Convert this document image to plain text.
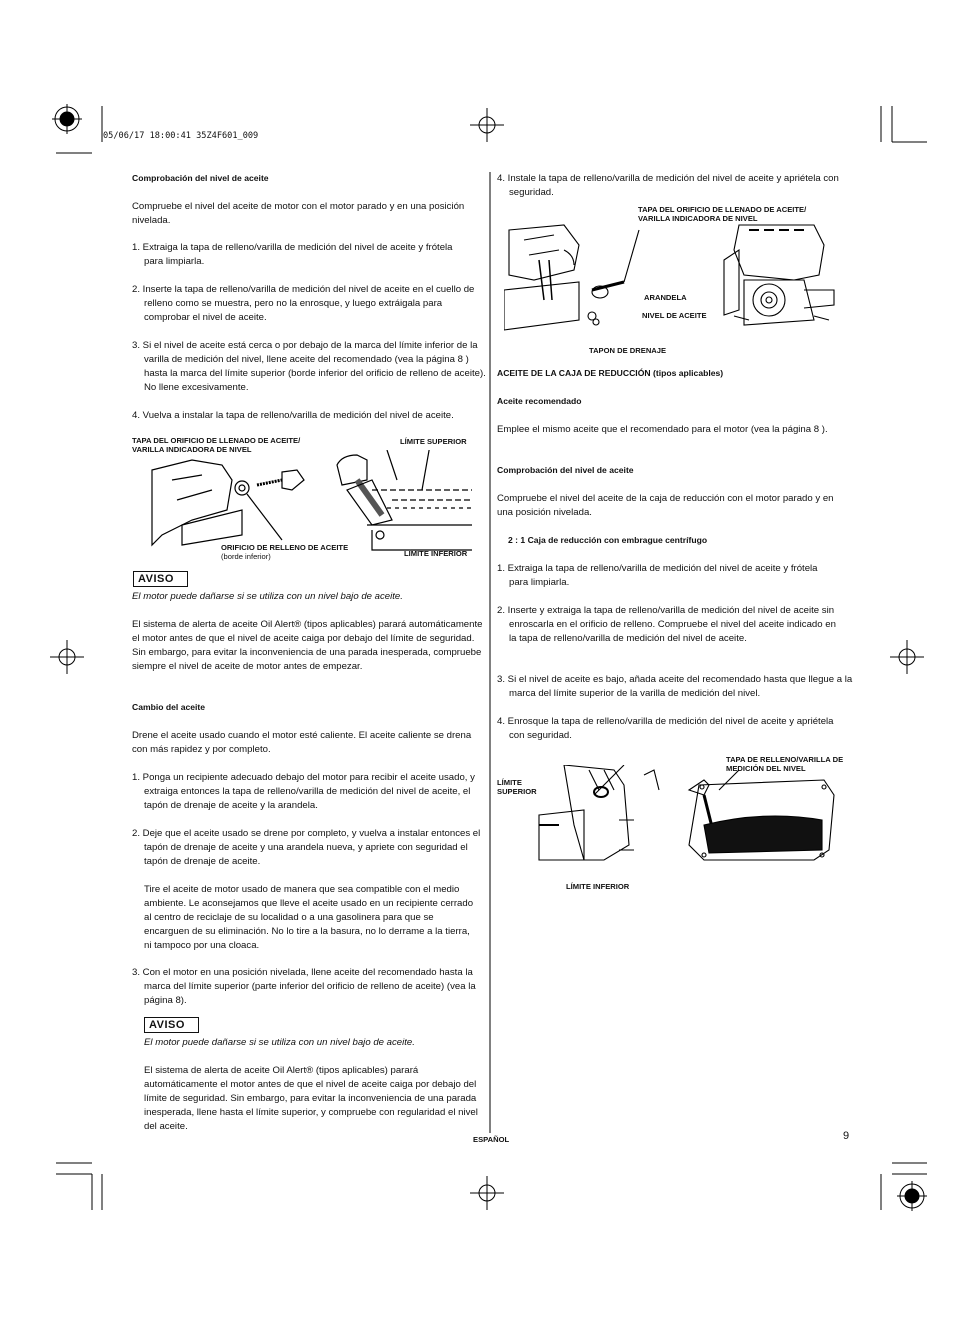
05/06/17 18:00:41 35Z4F601_009
Comprobación del nivel de aceite
Compruebe el nivel del aceite de motor con el motor parado y en una posición nivelada.
1. Extraiga la tapa de relleno/varilla de medición del nivel de aceite y frótela para limpiarla.
2. Inserte la tapa de relleno/varilla de medición del nivel de aceite en el cuello de relleno como se muestra, pero no la enrosque, y luego extráigala para comprobar el nivel de aceite.
3. Si el nivel de aceite está cerca o por debajo de la marca del límite inferior de la varilla de medición del nivel, llene aceite del recomendado (vea la página 8 ) hasta la marca del límite superior (borde inferior del orificio de relleno de aceite). No llene excesivamente.
4. Vuelva a instalar la tapa de relleno/varilla de medición del nivel de aceite.
TAPA DEL ORIFICIO DE LLENADO DE ACEITE/ VARILLA INDICADORA DE NIVEL
LÍMITE SUPERIOR
ORIFICIO DE RELLENO DE ACEITE
(borde inferior)	LÍMITE INFERIOR
AVISO
El motor puede dañarse si se utiliza con un nivel bajo de aceite.
El sistema de alerta de aceite Oil Alert® (tipos aplicables) parará automáticamente el motor antes de que el nivel de aceite caiga por debajo del límite de seguridad. Sin embargo, para evitar la inconveniencia de una parada inesperada, compruebe siempre el nivel de aceite de motor antes de empezar.
Cambio del aceite
Drene el aceite usado cuando el motor esté caliente. El aceite caliente se drena con más rapidez y por completo.
1. Ponga un recipiente adecuado debajo del motor para recibir el aceite usado, y extraiga entonces la tapa de relleno/varilla de medición del nivel de aceite, el tapón de drenaje de aceite y la arandela.
2. Deje que el aceite usado se drene por completo, y vuelva a instalar entonces el tapón de drenaje de aceite y una arandela nueva, y apriete con seguridad el tapón de drenaje de aceite.
Tire el aceite de motor usado de manera que sea compatible con el medio ambiente. Le aconsejamos que lleve el aceite usado en un recipiente cerrado al centro de reciclaje de su localidad o a una gasolinera para que se encarguen de su eliminación. No lo tire a la basura, no lo derrame a la tierra, ni tampoco por una cloaca.
3. Con el motor en una posición nivelada, llene aceite del recomendado hasta la marca del límite superior (parte inferior del orificio de relleno de aceite) (vea la página 8).
AVISO
El motor puede dañarse si se utiliza con un nivel bajo de aceite.
El sistema de alerta de aceite Oil Alert® (tipos aplicables) parará automáticamente el motor antes de que el nivel de aceite caiga por debajo del límite de seguridad. Sin embargo, para evitar la inconveniencia de una parada inesperada, llene hasta el límite superior, y compruebe con regularidad el nivel del aceite.
4. Instale la tapa de relleno/varilla de medición del nivel de aceite y apriétela con seguridad.
TAPA DEL ORIFICIO DE LLENADO DE ACEITE/ VARILLA INDICADORA DE NIVEL
ARANDELA
NIVEL DE ACEITE
TAPON DE DRENAJE
ACEITE DE LA CAJA DE REDUCCIÓN (tipos aplicables)
Aceite recomendado
Emplee el mismo aceite que el recomendado para el motor (vea la página 8 ).
Comprobación del nivel de aceite
Compruebe el nivel del aceite de la caja de reducción con el motor parado y en una posición nivelada.
2 : 1 Caja de reducción con embrague centrífugo
1. Extraiga la tapa de relleno/varilla de medición del nivel de aceite y frótela para limpiarla.
2. Inserte y extraiga la tapa de relleno/varilla de medición del nivel de aceite sin enroscarla en el orificio de relleno. Compruebe el nivel del aceite indicado en la tapa de relleno/varilla de medición del nivel de aceite.
3. Si el nivel de aceite es bajo, añada aceite del recomendado hasta que llegue a la marca del límite superior de la varilla de medición del nivel.
4. Enrosque la tapa de relleno/varilla de medición del nivel de aceite y apriétela con seguridad.
TAPA DE RELLENO/VARILLA DE MEDICIÓN DEL NIVEL
LÍMITE SUPERIOR
LÍMITE INFERIOR
ESPAÑOL	9
